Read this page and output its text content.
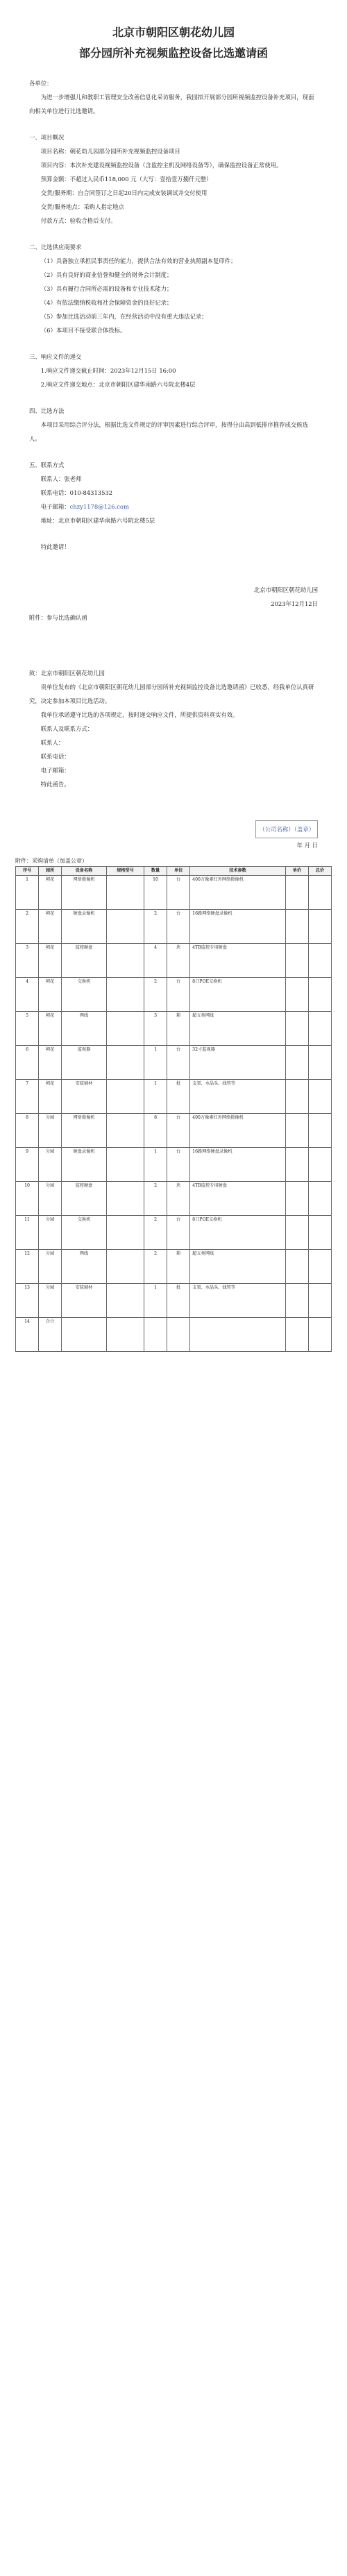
北京市朝阳区朝花幼儿园
部分园所补充视频监控设备比选邀请函

各单位：

为进一步增强儿和教职工管理安全改善信息化采访服务，我园拟开展部分园所视频监控设备补充项目，现面向相关单位进行比选邀请。

一、项目概况

项目名称：朝花幼儿园部分园所补充视频监控设备项目

项目内容：本次补充建设视频监控设备（含监控主机及网络设备等），确保监控设备正常使用。

预算金额：不超过人民币118,000 元（大写：壹拾壹万捌仟元整）

交货/服务期：自合同签订之日起20日内完成安装调试并交付使用

交货/服务地点：采购人指定地点

付款方式：验收合格后支付。

二、比选供应商要求

（1）具备独立承担民事责任的能力，提供合法有效的营业执照副本复印件；

（2）具有良好的商业信誉和健全的财务会计制度；

（3）具有履行合同所必需的设备和专业技术能力；

（4）有依法缴纳税收和社会保障资金的良好记录；

（5）参加比选活动前三年内，在经营活动中没有重大违法记录；

（6）本项目不接受联合体投标。

三、响应文件的递交

1.响应文件递交截止时间：2023年12月15日 16:00

2.响应文件递交地点：北京市朝阳区建华南路六号院北楼4层

四、比选方法

本项目采用综合评分法，根据比选文件规定的评审因素进行综合评审，按得分由高到低排序推荐成交候选人。

五、联系方式

联系人：张老师

联系电话：010-84313532

电子邮箱：chzy1178@126.com

地址：北京市朝阳区建华南路六号院北楼5层

特此邀请！

北京市朝阳区朝花幼儿园

2023年12月12日

附件：参与比选确认函

致：北京市朝阳区朝花幼儿园

贵单位发布的《北京市朝阳区朝花幼儿园部分园所补充视频监控设备比选邀请函》已收悉，经我单位认真研究，决定参加本项目比选活动。

我单位承诺遵守比选的各项规定，按时递交响应文件，所提供资料真实有效。

联系人及联系方式：

联系人：

联系电话：

电子邮箱：

特此函告。

（公司名称）（盖章）

年 月 日

附件：采购清单（加盖公章）
序号	园所	设备名称	规格型号	数量	单位	技术参数	单价	总价
1	朝花	网络摄像机		10	台	400万像素红外网络摄像机		
2	朝花	硬盘录像机		2	台	16路网络硬盘录像机		
3	朝花	监控硬盘		4	块	4TB监控专用硬盘		
4	朝花	交换机		2	台	8口POE交换机		
5	朝花	网线		3	箱	超五类网线		
6	朝花	监视器		1	台	32寸监视器		
7	朝花	安装辅材		1	批	支架、水晶头、线管等		
8	分园	网络摄像机		8	台	400万像素红外网络摄像机		
9	分园	硬盘录像机		1	台	16路网络硬盘录像机		
10	分园	监控硬盘		2	块	4TB监控专用硬盘		
11	分园	交换机		2	台	8口POE交换机		
12	分园	网线		2	箱	超五类网线		
13	分园	安装辅材		1	批	支架、水晶头、线管等		
14	合计							
